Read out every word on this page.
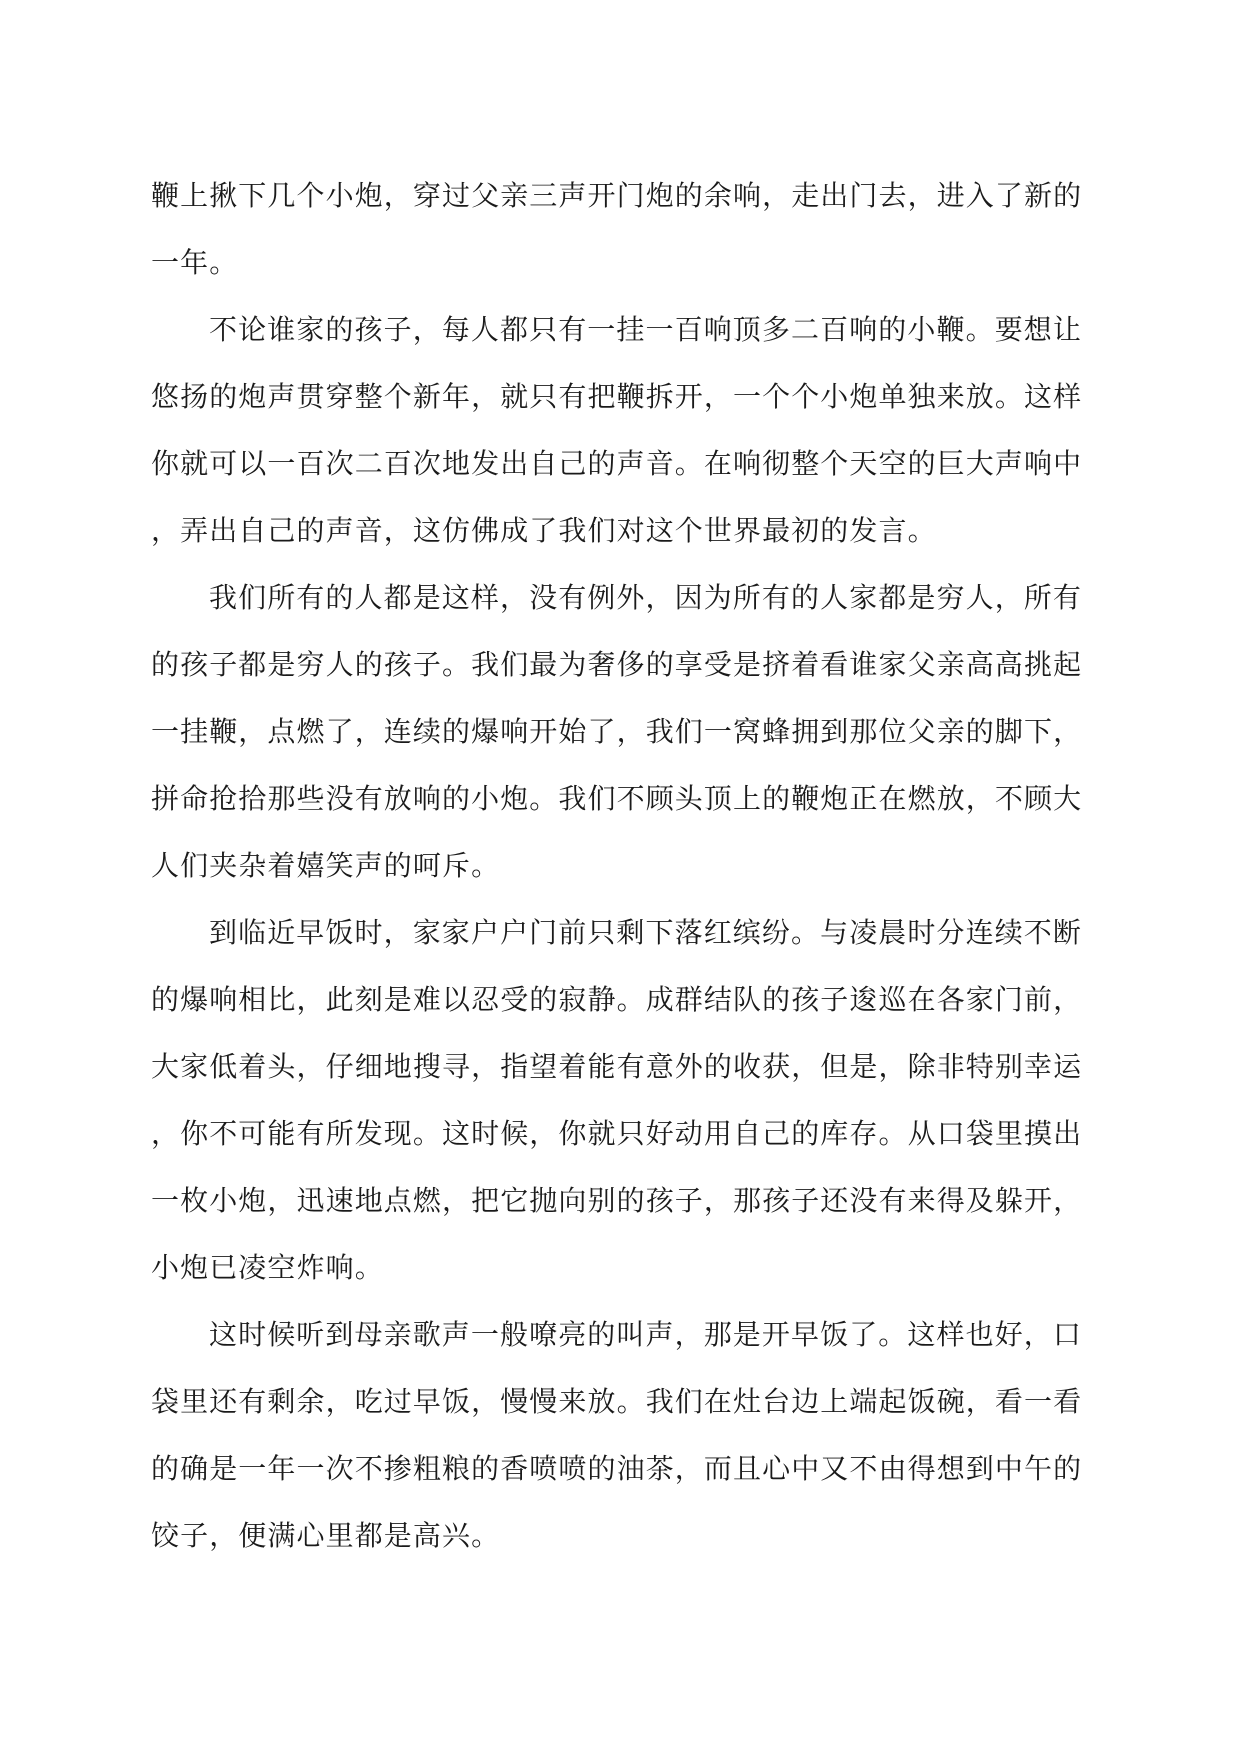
鞭上揪下几个小炮，穿过父亲三声开门炮的余响，走出门去，进入了新的
一年。
不论谁家的孩子，每人都只有一挂一百响顶多二百响的小鞭。要想让
悠扬的炮声贯穿整个新年，就只有把鞭拆开，一个个小炮单独来放。这样
你就可以一百次二百次地发出自己的声音。在响彻整个天空的巨大声响中
，弄出自己的声音，这仿佛成了我们对这个世界最初的发言。
我们所有的人都是这样，没有例外，因为所有的人家都是穷人，所有
的孩子都是穷人的孩子。我们最为奢侈的享受是挤着看谁家父亲高高挑起
一挂鞭，点燃了，连续的爆响开始了，我们一窝蜂拥到那位父亲的脚下，
拼命抢拾那些没有放响的小炮。我们不顾头顶上的鞭炮正在燃放，不顾大
人们夹杂着嬉笑声的呵斥。
到临近早饭时，家家户户门前只剩下落红缤纷。与凌晨时分连续不断
的爆响相比，此刻是难以忍受的寂静。成群结队的孩子逡巡在各家门前，
大家低着头，仔细地搜寻，指望着能有意外的收获，但是，除非特别幸运
，你不可能有所发现。这时候，你就只好动用自己的库存。从口袋里摸出
一枚小炮，迅速地点燃，把它抛向别的孩子，那孩子还没有来得及躲开，
小炮已凌空炸响。
这时候听到母亲歌声一般嘹亮的叫声，那是开早饭了。这样也好，口
袋里还有剩余，吃过早饭，慢慢来放。我们在灶台边上端起饭碗，看一看
的确是一年一次不掺粗粮的香喷喷的油茶，而且心中又不由得想到中午的
饺子，便满心里都是高兴。
